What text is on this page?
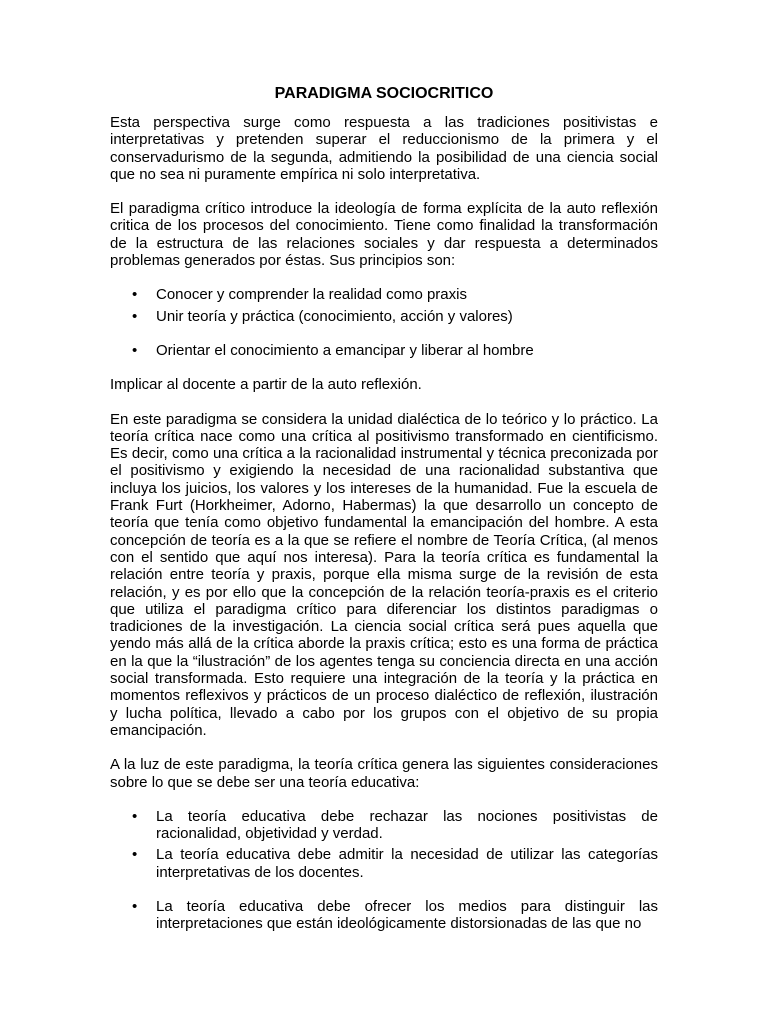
PARADIGMA SOCIOCRITICO

Esta perspectiva surge como respuesta a las tradiciones positivistas e interpretativas y pretenden superar el reduccionismo de la primera y el conservadurismo de la segunda, admitiendo la posibilidad de una ciencia social que no sea ni puramente empírica ni solo interpretativa.

El paradigma crítico introduce la ideología de forma explícita de la auto reflexión critica de los procesos del conocimiento. Tiene como finalidad la transformación de la estructura de las relaciones sociales y dar respuesta a determinados problemas generados por éstas. Sus principios son:

• Conocer y comprender la realidad como praxis
• Unir teoría y práctica (conocimiento, acción y valores)
• Orientar el conocimiento a emancipar y liberar al hombre

Implicar al docente a partir de la auto reflexión.

En este paradigma se considera la unidad dialéctica de lo teórico y lo práctico. La teoría crítica nace como una crítica al positivismo transformado en cientificismo. Es decir, como una crítica a la racionalidad instrumental y técnica preconizada por el positivismo y exigiendo la necesidad de una racionalidad substantiva que incluya los juicios, los valores y los intereses de la humanidad. Fue la escuela de Frank Furt (Horkheimer, Adorno, Habermas) la que desarrollo un concepto de teoría que tenía como objetivo fundamental la emancipación del hombre. A esta concepción de teoría es a la que se refiere el nombre de Teoría Crítica, (al menos con el sentido que aquí nos interesa). Para la teoría crítica es fundamental la relación entre teoría y praxis, porque ella misma surge de la revisión de esta relación, y es por ello que la concepción de la relación teoría-praxis es el criterio que utiliza el paradigma crítico para diferenciar los distintos paradigmas o tradiciones de la investigación. La ciencia social crítica será pues aquella que yendo más allá de la crítica aborde la praxis crítica; esto es una forma de práctica en la que la “ilustración” de los agentes tenga su conciencia directa en una acción social transformada. Esto requiere una integración de la teoría y la práctica en momentos reflexivos y prácticos de un proceso dialéctico de reflexión, ilustración y lucha política, llevado a cabo por los grupos con el objetivo de su propia emancipación.

A la luz de este paradigma, la teoría crítica genera las siguientes consideraciones sobre lo que se debe ser una teoría educativa:

• La teoría educativa debe rechazar las nociones positivistas de racionalidad, objetividad y verdad.
• La teoría educativa debe admitir la necesidad de utilizar las categorías interpretativas de los docentes.
• La teoría educativa debe ofrecer los medios para distinguir las interpretaciones que están ideológicamente distorsionadas de las que no
